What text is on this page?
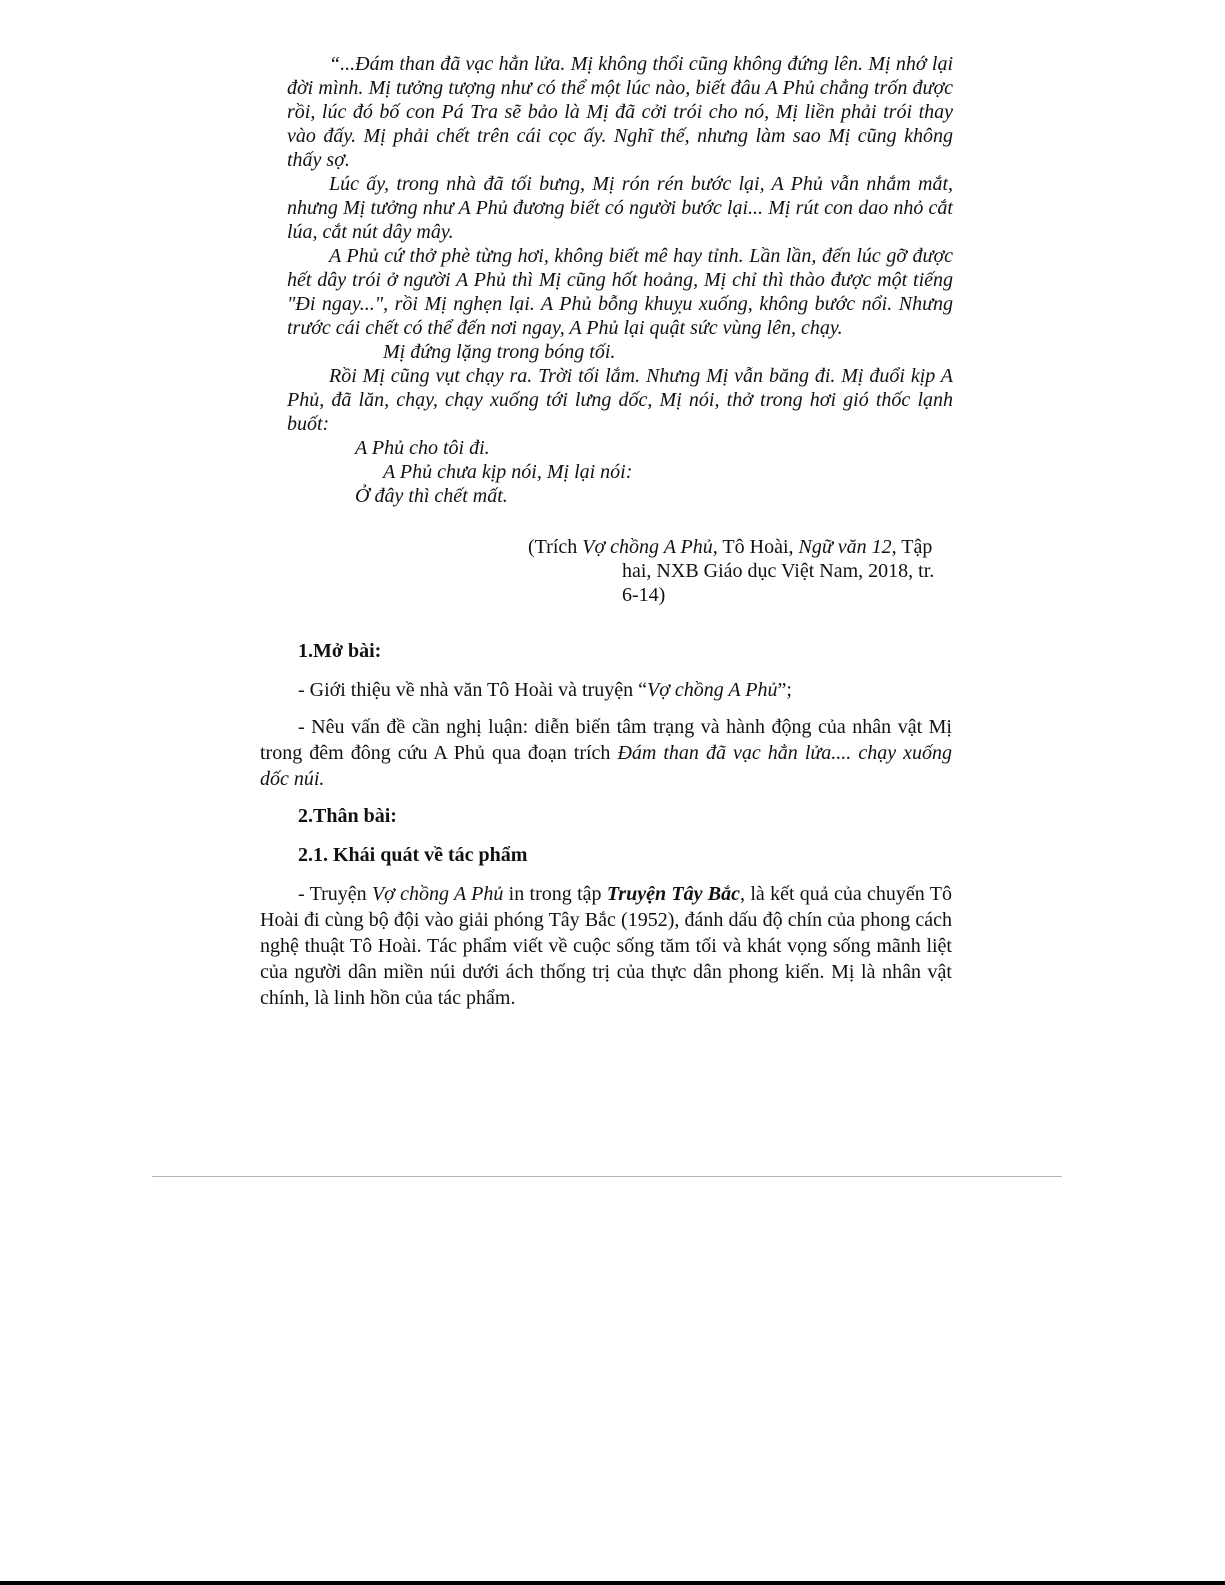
“...Đám than đã vạc hẳn lửa. Mị không thổi cũng không đứng lên. Mị nhớ lại đời mình. Mị tưởng tượng như có thể một lúc nào, biết đâu A Phủ chẳng trốn được rồi, lúc đó bố con Pá Tra sẽ bảo là Mị đã cởi trói cho nó, Mị liền phải trói thay vào đấy. Mị phải chết trên cái cọc ấy. Nghĩ thế, nhưng làm sao Mị cũng không thấy sợ.

Lúc ấy, trong nhà đã tối bưng, Mị rón rén bước lại, A Phủ vẫn nhắm mắt, nhưng Mị tưởng như A Phủ đương biết có người bước lại... Mị rút con dao nhỏ cắt lúa, cắt nút dây mây.

A Phủ cứ thở phè từng hơi, không biết mê hay tỉnh. Lần lần, đến lúc gỡ được hết dây trói ở người A Phủ thì Mị cũng hốt hoảng, Mị chỉ thì thào được một tiếng "Đi ngay...", rồi Mị nghẹn lại. A Phủ bỗng khuỵu xuống, không bước nổi. Nhưng trước cái chết có thể đến nơi ngay, A Phủ lại quật sức vùng lên, chạy.

Mị đứng lặng trong bóng tối.

Rồi Mị cũng vụt chạy ra. Trời tối lắm. Nhưng Mị vẫn băng đi. Mị đuổi kịp A Phủ, đã lăn, chạy, chạy xuống tới lưng dốc, Mị nói, thở trong hơi gió thốc lạnh buốt:

A Phủ cho tôi đi.

A Phủ chưa kịp nói, Mị lại nói:

Ở đây thì chết mất.

(Trích Vợ chồng A Phủ, Tô Hoài, Ngữ văn 12, Tập
hai, NXB Giáo dục Việt Nam, 2018, tr.
6-14)
1.Mở bài:

- Giới thiệu về nhà văn Tô Hoài và truyện “Vợ chồng A Phủ”;

- Nêu vấn đề cần nghị luận: diễn biến tâm trạng và hành động của nhân vật Mị trong đêm đông cứu A Phủ qua đoạn trích Đám than đã vạc hẳn lửa.... chạy xuống dốc núi.

2.Thân bài:
2.1. Khái quát về tác phẩm

- Truyện Vợ chồng A Phủ in trong tập Truyện Tây Bắc, là kết quả của chuyến Tô Hoài đi cùng bộ đội vào giải phóng Tây Bắc (1952), đánh dấu độ chín của phong cách nghệ thuật Tô Hoài. Tác phẩm viết về cuộc sống tăm tối và khát vọng sống mãnh liệt của người dân miền núi dưới ách thống trị của thực dân phong kiến. Mị là nhân vật chính, là linh hồn của tác phẩm.
